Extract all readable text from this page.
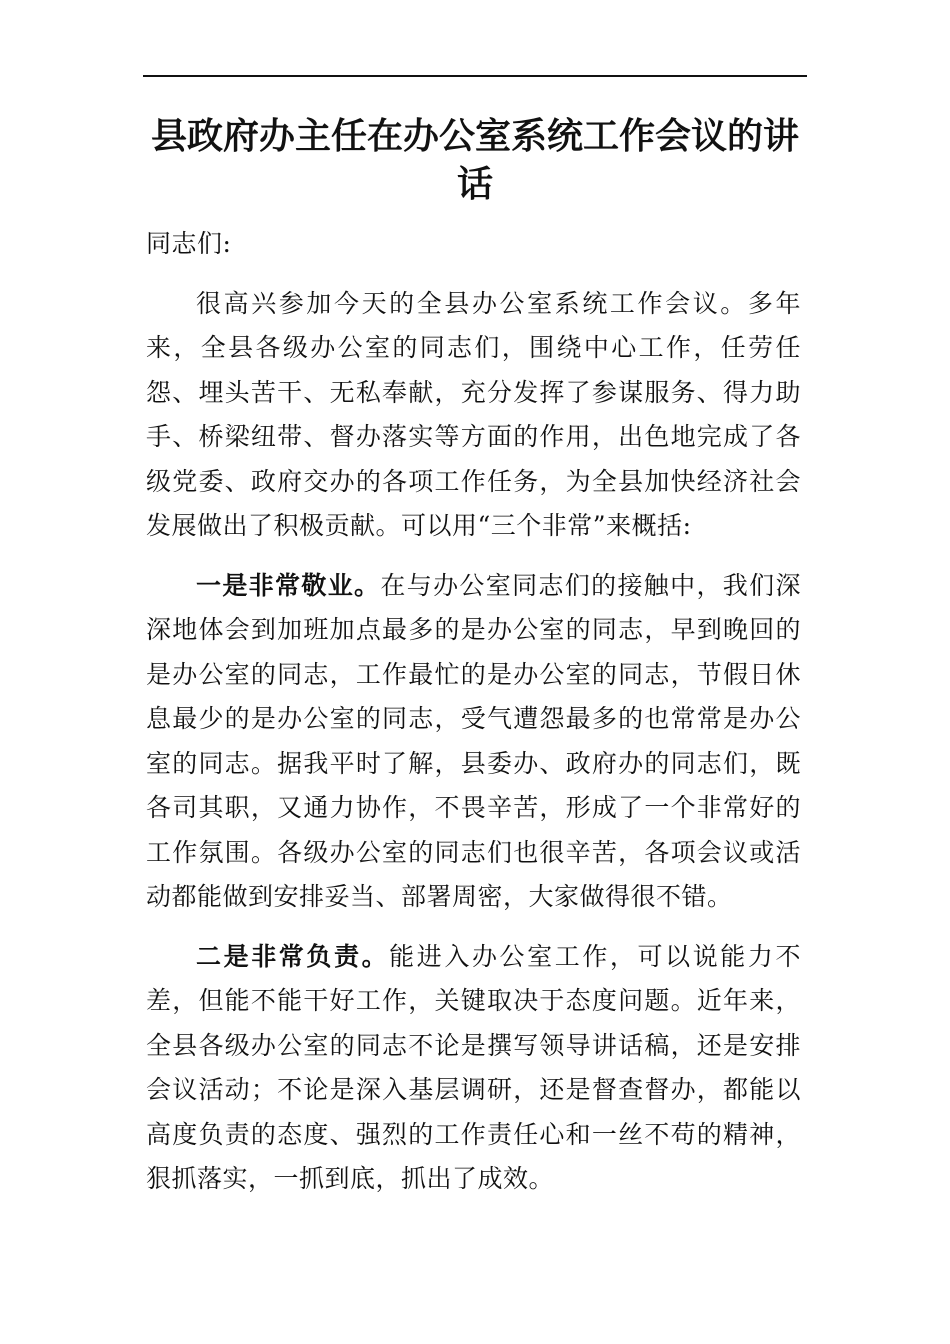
县政府办主任在办公室系统工作会议的讲话

同志们:

很高兴参加今天的全县办公室系统工作会议。多年来，全县各级办公室的同志们，围绕中心工作，任劳任怨、埋头苦干、无私奉献，充分发挥了参谋服务、得力助手、桥梁纽带、督办落实等方面的作用，出色地完成了各级党委、政府交办的各项工作任务，为全县加快经济社会发展做出了积极贡献。可以用“三个非常”来概括:

一是非常敬业。在与办公室同志们的接触中，我们深深地体会到加班加点最多的是办公室的同志，早到晚回的是办公室的同志，工作最忙的是办公室的同志，节假日休息最少的是办公室的同志，受气遭怨最多的也常常是办公室的同志。据我平时了解，县委办、政府办的同志们，既各司其职，又通力协作，不畏辛苦，形成了一个非常好的工作氛围。各级办公室的同志们也很辛苦，各项会议或活动都能做到安排妥当、部署周密，大家做得很不错。

二是非常负责。能进入办公室工作，可以说能力不差，但能不能干好工作，关键取决于态度问题。近年来，全县各级办公室的同志不论是撰写领导讲话稿，还是安排会议活动；不论是深入基层调研，还是督查督办，都能以高度负责的态度、强烈的工作责任心和一丝不苟的精神，狠抓落实，一抓到底，抓出了成效。
